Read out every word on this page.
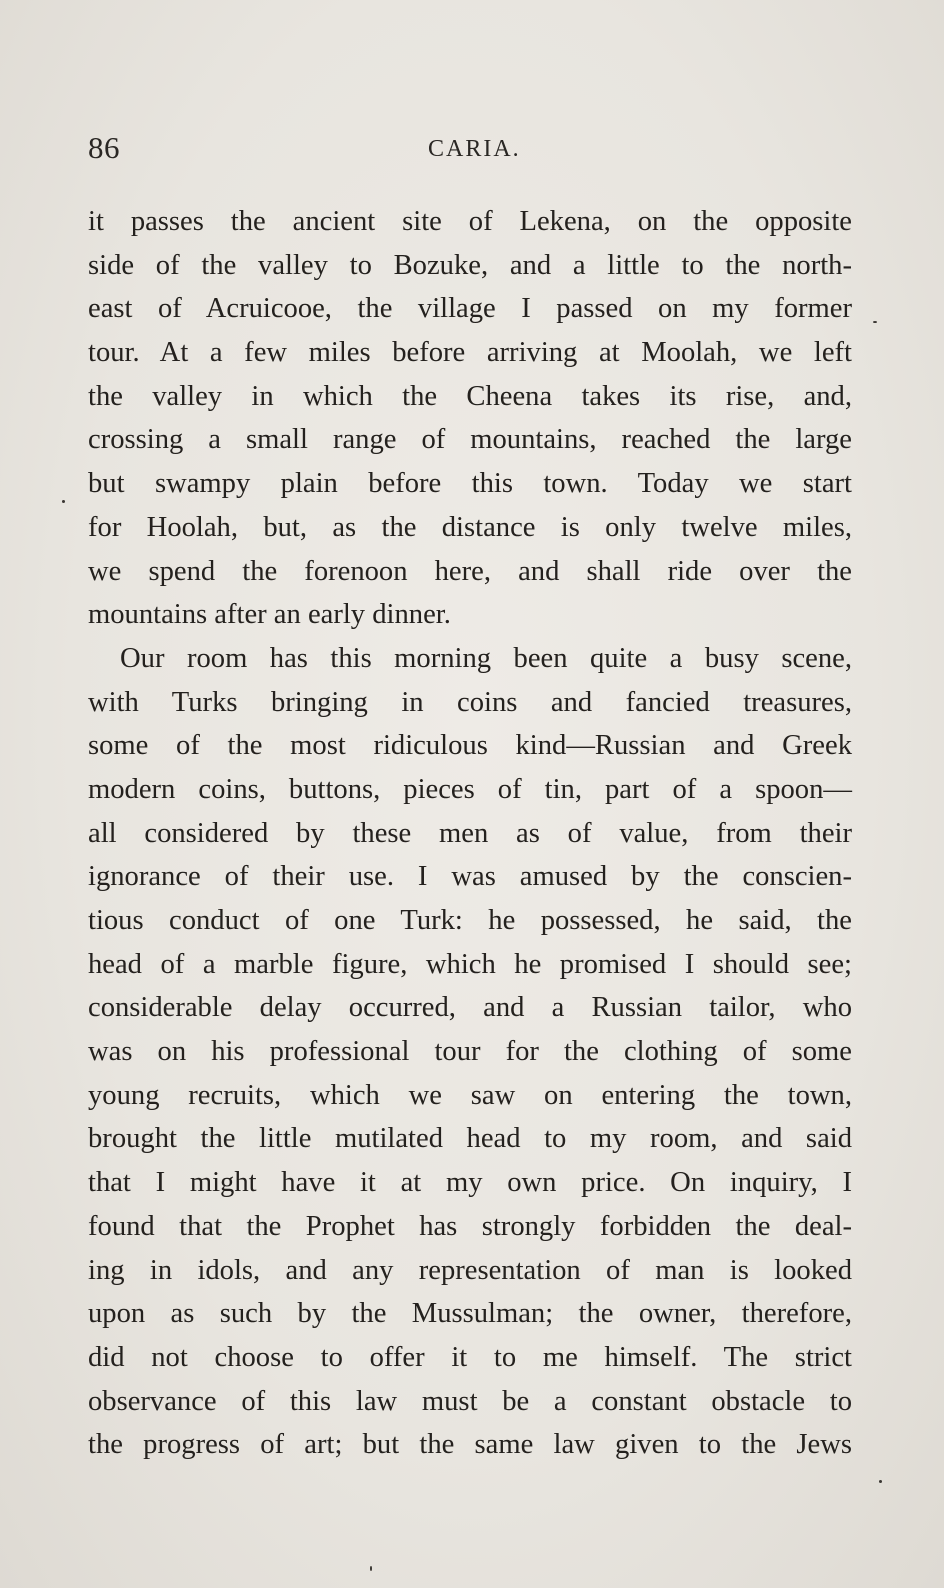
86	CARIA.
it passes the ancient site of Lekena, on the opposite
side of the valley to Bozuke, and a little to the north-
east of Acruicooe, the village I passed on my former
tour. At a few miles before arriving at Moolah, we left
the valley in which the Cheena takes its rise, and,
crossing a small range of mountains, reached the large
but swampy plain before this town. Today we start
for Hoolah, but, as the distance is only twelve miles,
we spend the forenoon here, and shall ride over the
mountains after an early dinner.
Our room has this morning been quite a busy scene,
with Turks bringing in coins and fancied treasures,
some of the most ridiculous kind—Russian and Greek
modern coins, buttons, pieces of tin, part of a spoon—
all considered by these men as of value, from their
ignorance of their use. I was amused by the conscien-
tious conduct of one Turk: he possessed, he said, the
head of a marble figure, which he promised I should see;
considerable delay occurred, and a Russian tailor, who
was on his professional tour for the clothing of some
young recruits, which we saw on entering the town,
brought the little mutilated head to my room, and said
that I might have it at my own price. On inquiry, I
found that the Prophet has strongly forbidden the deal-
ing in idols, and any representation of man is looked
upon as such by the Mussulman; the owner, therefore,
did not choose to offer it to me himself. The strict
observance of this law must be a constant obstacle to
the progress of art; but the same law given to the Jews
